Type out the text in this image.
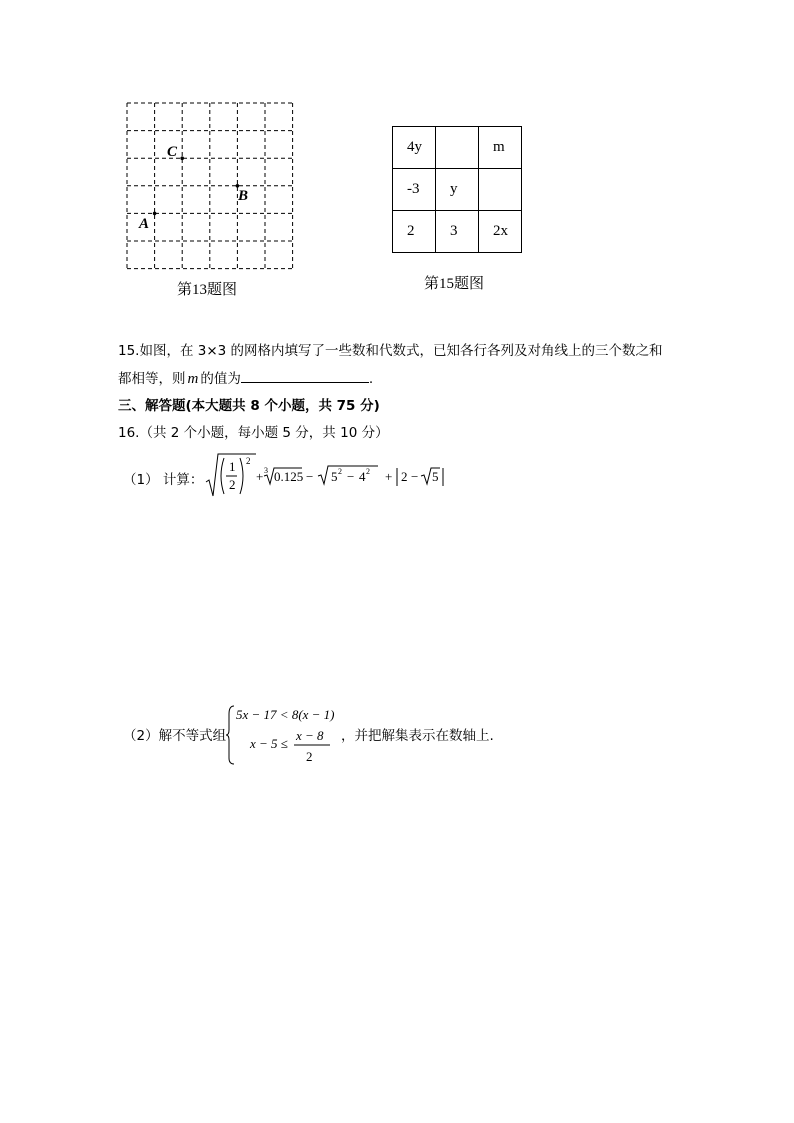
C
B
A
第13题图
4y		m
-3	y	
2	3	2x
第15题图
15.如图，在 3×3 的网格内填写了一些数和代数式，已知各行各列及对角线上的三个数之和
都相等，则 m 的值为	.
三、解答题(本大题共 8 个小题，共 75 分)
16.（共 2 个小题，每小题 5 分，共 10 分）
（1） 计算：
1
2
2
+ 3 0.125 − 5 2 − 4 2 + 2 − 5
（2）解不等式组
5x − 17 < 8(x − 1)
x − 5 ≤
x − 8
2
，并把解集表示在数轴上.
